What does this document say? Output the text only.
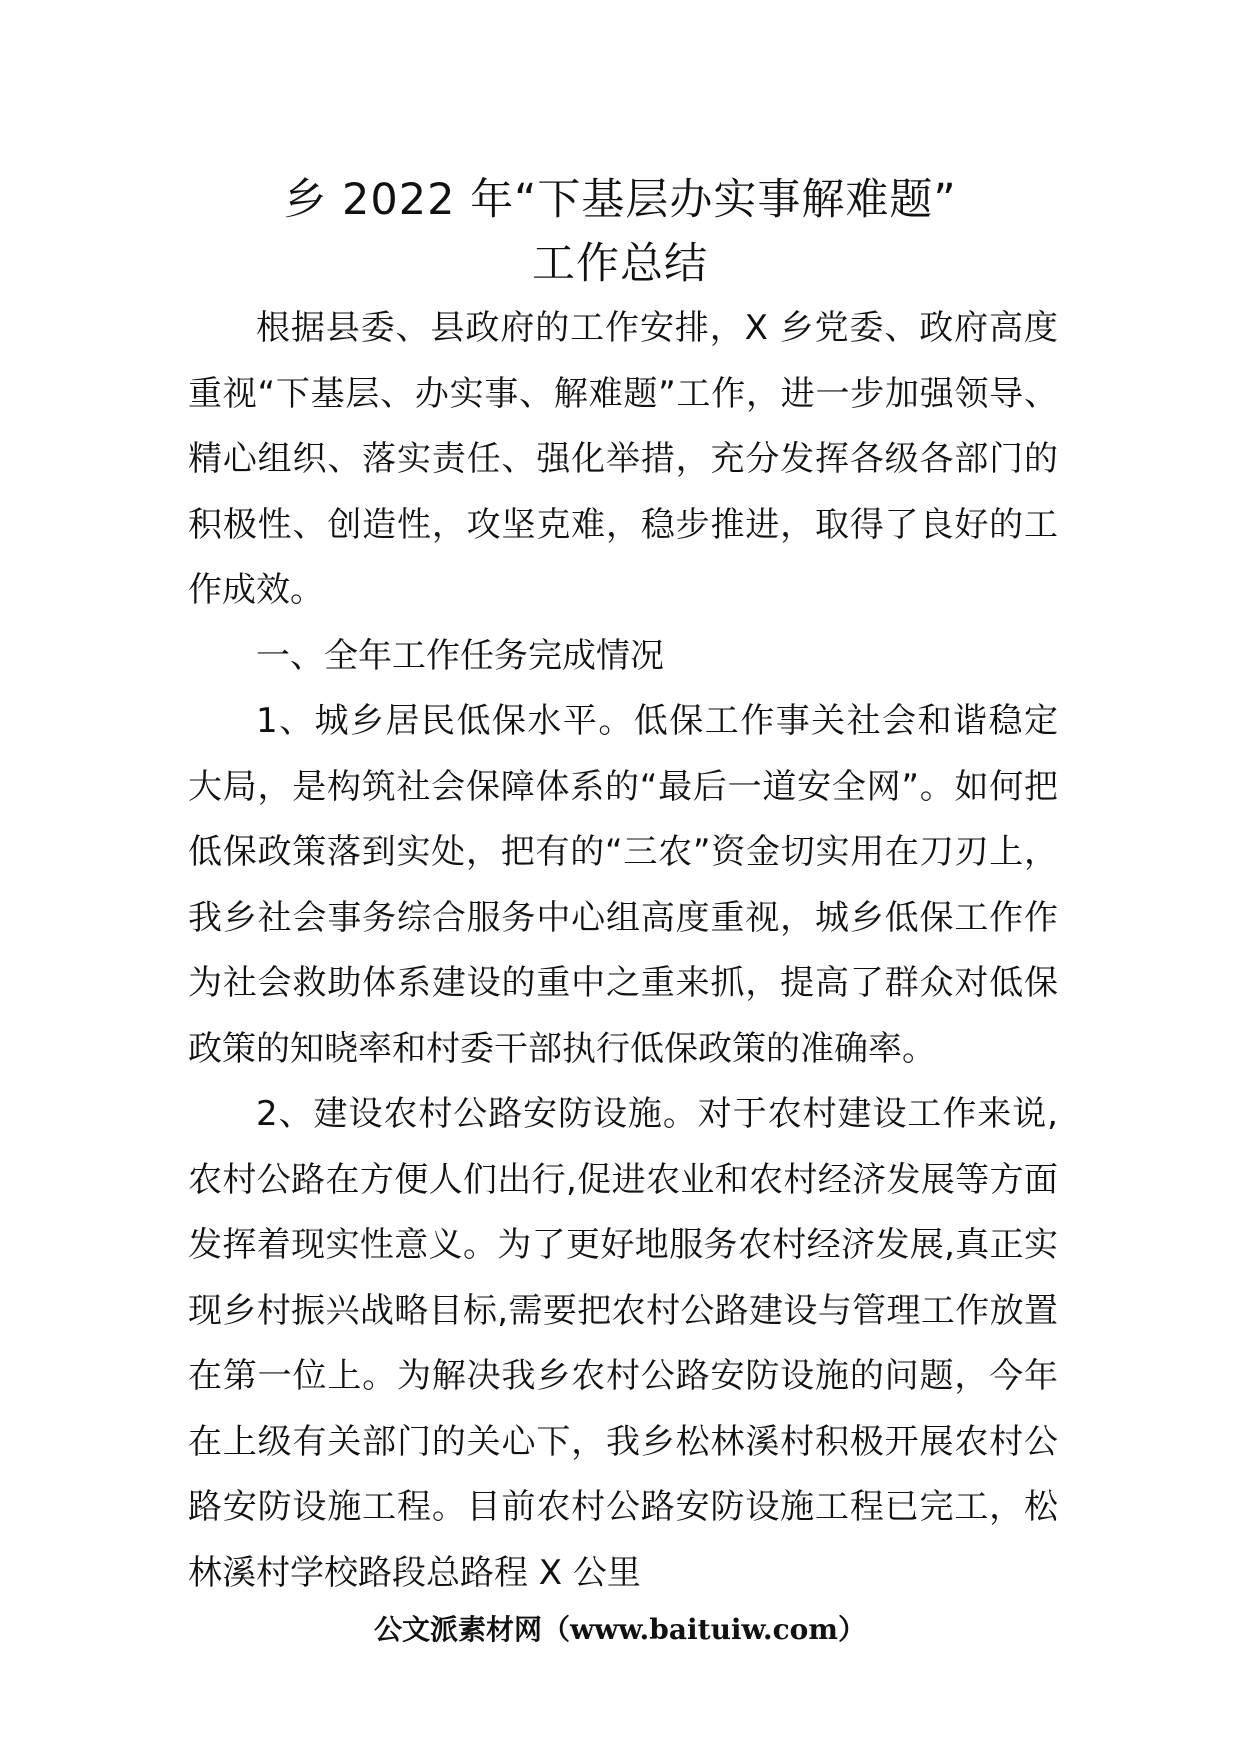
乡 2022 年“下基层办实事解难题”
工作总结

根据县委、县政府的工作安排，X 乡党委、政府高度重视“下基层、办实事、解难题”工作，进一步加强领导、精心组织、落实责任、强化举措，充分发挥各级各部门的积极性、创造性，攻坚克难，稳步推进，取得了良好的工作成效。

一、全年工作任务完成情况

1、城乡居民低保水平。低保工作事关社会和谐稳定大局，是构筑社会保障体系的“最后一道安全网”。如何把低保政策落到实处，把有的“三农”资金切实用在刀刃上，我乡社会事务综合服务中心组高度重视，城乡低保工作作为社会救助体系建设的重中之重来抓，提高了群众对低保政策的知晓率和村委干部执行低保政策的准确率。

2、建设农村公路安防设施。对于农村建设工作来说,农村公路在方便人们出行,促进农业和农村经济发展等方面发挥着现实性意义。为了更好地服务农村经济发展,真正实现乡村振兴战略目标,需要把农村公路建设与管理工作放置在第一位上。为解决我乡农村公路安防设施的问题，今年在上级有关部门的关心下，我乡松林溪村积极开展农村公路安防设施工程。目前农村公路安防设施工程已完工，松林溪村学校路段总路程 X 公里

公文派素材网（www.baituiw.com）
